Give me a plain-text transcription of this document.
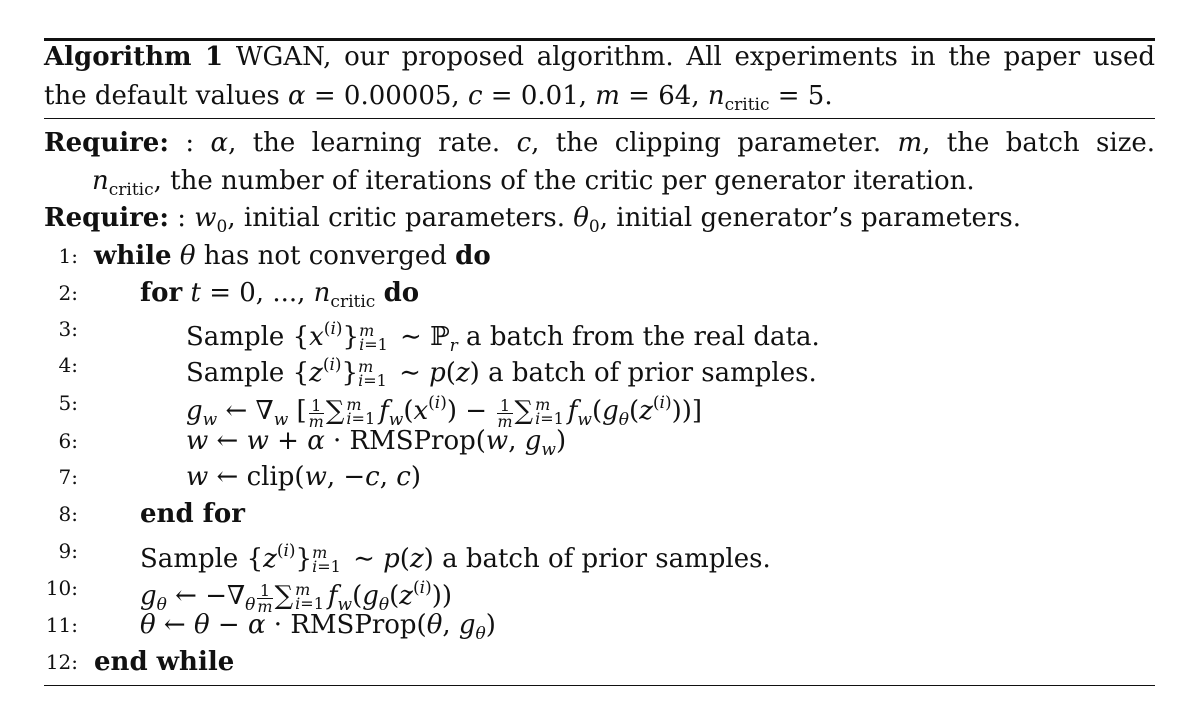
Algorithm 1 WGAN, our proposed algorithm. All experiments in the paper used
the default values α = 0.00005, c = 0.01, m = 64, $n_{critic} = 5$.
Require: : α, the learning rate. c, the clipping parameter. m, the batch size.
$n_{critic}$, the number of iterations of the critic per generator iteration.
Require: : $w_0$, initial critic parameters. $\theta_0$, initial generator’s parameters.
1: while θ has not converged do
2: for t = 0, ..., $n_{critic}$ do
3:	Sample $\{x^{(i)}\}$ m
i=1 ∼ ℙ$_r$ a batch from the real data.
4:	Sample $\{z^{(i)}\}$ m
i=1 ∼ p(z) a batch of prior samples.
5:	$g_w$ ← $\nabla_w$ [ $\frac{1}{m}$ ∑ m
i=1 $f_w(x^{(i)}) - \frac{1}{m}$ ∑ m
i=1 $f_w(g_\theta(z^{(i)}))$]
6:	w ← w + α · RMSProp(w, $g_w$)
7:	w ← clip(w, −c, c)
8: end for
9: Sample $\{z^{(i)}\}$ m
i=1 ∼ p(z) a batch of prior samples.
10: $g_\theta$ ← $-\nabla_\theta \frac{1}{m}$ ∑ m
i=1 $f_w(g_\theta(z^{(i)}))$
11: θ ← θ − α · RMSProp(θ, $g_\theta$)
12: end while
